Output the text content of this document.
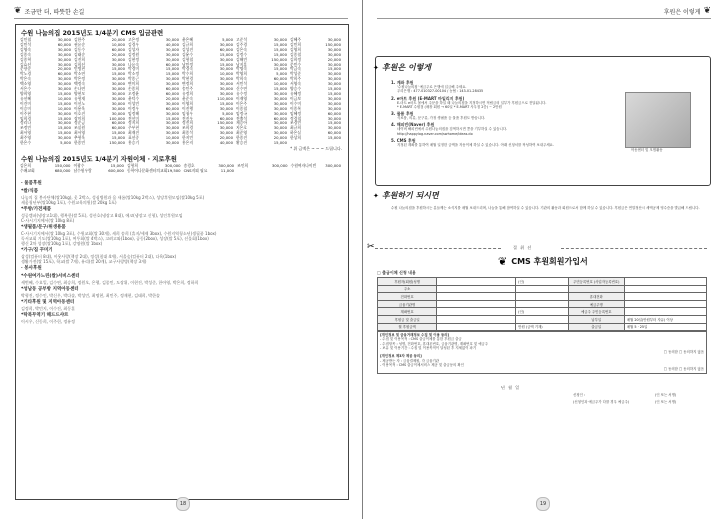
❦ 조금만 더, 따뜻한 손길
수원 나눔의집 2015년도 1/4분기 CMS 입금관련
김인철	30,000 김한주	20,000 고은정	30,000 윤은혜	5,000 고준석	30,000 김혜주	30,000
김민석	60,000 권유순	10,000 김경우	40,000 김규희	30,000 김주경	15,000 김민희	150,000
김영숙	30,000 김동수	60,000 김성자	30,000 김성진	60,000 김은숙	15,000 김영희	30,000
김종숙	30,000 김태순	20,000 김정원	30,000 김윤수	15,000 김정수	15,000 김종철	30,000
김종혁	30,000 김진희	30,000 김현정	30,000 김형철	30,000 김해민	150,000 김희정	20,000
김효선	30,000 김희선	30,000 나유숙	60,000 남민정	15,000 남지훈	30,000 문민수	30,000
문향순	20,000 민병천	15,000 박경미	15,000 박경숙	30,000 박명숙	15,000 박금숙	15,000
박노경	60,000 박소연	15,000 박소정	15,000 박수희	10,000 박영희	5,000 박성준	30,000
박은숙	30,000 박은정	30,000 박종근	30,000 박현경	30,000 박희숙	60,000 박희주	30,000
백소영	30,000 백정숙	30,000 변미희	30,000 변정희	30,000 서민석	10,000 서영숙	30,000
서은수	30,000 손나연	30,000 손종희	60,000 송인주	30,000 신수연	15,000 양승수	15,000
양희영	15,000 양현모	30,000 오정윤	60,000 유정희	30,000 유수정	30,000 유혜정	15,000
유선혜	10,000 유형재	30,000 윤덕수	20,000 윤준숙	110,000 이재영	30,000 이금보	30,000
이건미	15,000 이선노	30,000 이성민	30,000 이영희	15,000 이은주	30,000 이수미	30,000
이승미	10,000 이용욱	30,000 이정우	60,000 이진행	30,000 이종철	30,000 이종복	30,000
이주현	30,000 이호진	30,000 임정해	30,000 임청우	5,000 임정국	30,000 임혜정	60,000
임희경	15,000 장미희	100,000 전선미	15,000 전진우	60,000 전출석	60,000 정경철	30,000
정리나	30,000 정순금	60,000 정지희	30,000 정진희	150,000 제승아	30,000 조경민	15,000
조정민	15,000 조실원	60,000 주부천	30,000 조희경	30,000 지은호	30,000 최규희	30,000
최서영	15,000 최서영	15,000 최재진	30,000 최종석	30,000 최준영	30,000 하은실	60,000
최주영	30,000 추형욱	15,000 표선중	10,000 한지민	20,000 한종진	20,000 한상희	15,000
한은수	5,000 한종민	150,000 홍승기	30,000 홍은지	40,000 황승진	15,000
* 위 금액은 ~ ~ ~ 드립니다.
수원 나눔의집 2015년도 1/4분기 자원이체 · 지로후원
김은희	150,000 이광수	15,000 김형희	300,000 송경호	300,000 조인희	300,000 수원여자나이빈 300,000
수패교회	680,000 남수원우람	600,000 동학어나문화센터의교회 19,500 CNS지외 필요	11,000
· 물품후원
*쌀/식품
나눔의 집 봉사단체(쌀10kg), 옷 2박스, 성심병원과 음 새롬(쌀10kg 2박스), 성당후원모임(쌀10kg 5포)
새움청년부(쌀10kg 1포), 수원교육의원(쌀 20kg 1포)
*주방/가전제품
성공캠퍼(냉장고1대), 행복한(쌀 5포), 성산호(냉장고 8대), 에코(냉장고 신형), 성인후원모임
C-사시기지에서(쌀 10kg 8포)
*생필품/문구/위생용품
C-사시기지에서(쌀 10kg 3포), 수원교회(쌀 30개), 새희 송희 (휴지/세제 3box), 수원지역청소년(생필품 1box)
독서교회 기도(쌀10kg 1포), 여투회(쌀 4박스), 고려고와(1box), 공동(2box), 성장(쌀 5포), 선물회(1box)
행신 2차 성장(쌀10kg 1포), 강명원(쌀 1box)
*가구/집 꾸미기
삼성(컴퓨터 8대), 이웃사랑(책장 2대), 정성(침대 4개), 서울숲(컴퓨터 2대), 다육(1box)
생활가전(쌀 15포), 학교(쌀 7개), 유리(쌀 20개), 교구사랑방(책장 3개)
· 봉사후원
*수원여가느린(쌀)서비스센터
세번째, 수요일, 김수연, 최승희, 정원오, 은행, 김종민, 도장위, 이현진, 박성준, 한아영, 박은희, 정하희
*성남동 공부방 지역아동센터
박형진, 정수인, 박신우, 박다솔, 박성민, 최명현, 최민주, 정재현, 김태희, 박한솔
*기타후원 및 지역아동센터
김정희, 박민지, 이수진, 최동훈
*탁북무역기 해드드샤르
이시우, 신동희, 이주헌, 정유정
18
후원은 이렇게 ❦
✦ 후원은 이렇게
1. 계좌 후원
'수원나눔의집' 예금주로 은행에 입금해 주세요.
우리은행 : 477-010327-00104 / 농협 : 143-01-28435
2. e마트 후원 (E-MART 마일리지 후원)
E-마트 e마트 몰에서 주문을 하실 때 나눔의집을 지정하시면 적립금의 일부가 후원금으로 전달됩니다.
* E-MART 수원점 (매장 회원 → 60일 * E-MART 사우점 2층) ~ 2만원
3. 물품 후원
식료품, 의류, 문구류, 가정 생필품 등 물품 후원도 받습니다.
4. 해피빈(Naver) 후원
네이버 해피빈에서 수원나눔의집을 검색하시면 콩을 기부하실 수 있습니다.
http://happylog.naver.com/swhome/ideas.do
5. CMS 후원
지정된 계좌를 통하여 매월 일정한 금액을 자동이체 하실 수 있습니다. 아래 신청서를 작성하여 보내주세요.
아동센터 및 모범활동
✦ 후원하기 되시면
수원 나눔의집을 후원하시는 분들께는 소식지를 매월 보내드리며, 나눔을 통해 참여하실 수 있습니다. 기관의 활동과 회원으로서 함께 하실 수 있습니다. 후원금은 연말정산시 세액공제 영수증을 발급해 드립니다.
절 취 선
✂
❦ CMS 후원회원가입서
□ 출금이체 신청 내용
후원자(회원)성명		(인)	주민등록번호 (사업자등록번호)	
주소				
전화번호			휴대전화	
금융기관명			예금주명	
계좌번호		(인)	예금주 주민등록번호	
후원금 및 출금일			납부일	매월 20일(만원부터 자유) 이상
월 후원금액		만원 (금액 기재)	출금일	매월 5 · 25일
[개인정보 및 금융거래정보 수집 및 이용 동의]
- 수집 및 이용목적 : CMS 출금이체를 통한 후원금 출금
- 수집항목 : 성명, 전화번호, 휴대폰번호, 금융기관명, 계좌번호 및 예금주
- 보유 및 이용기간 : 수집 및 이용목적이 달성된 후 지체없이 파기
□ 동의함 □ 동의하지 않음
[개인정보 제3자 제공 동의]
- 제공받는 자 : 금융결제원, 각 금융기관
- 이용목적 : CMS 출금이체서비스 제공 및 출금동의 확인
□ 동의함 □ 동의하지 않음
년 월 일
신청인 :	(인 또는 서명)
(신청인과 예금주가 다를 경우 예금주)	(인 또는 서명)
19
